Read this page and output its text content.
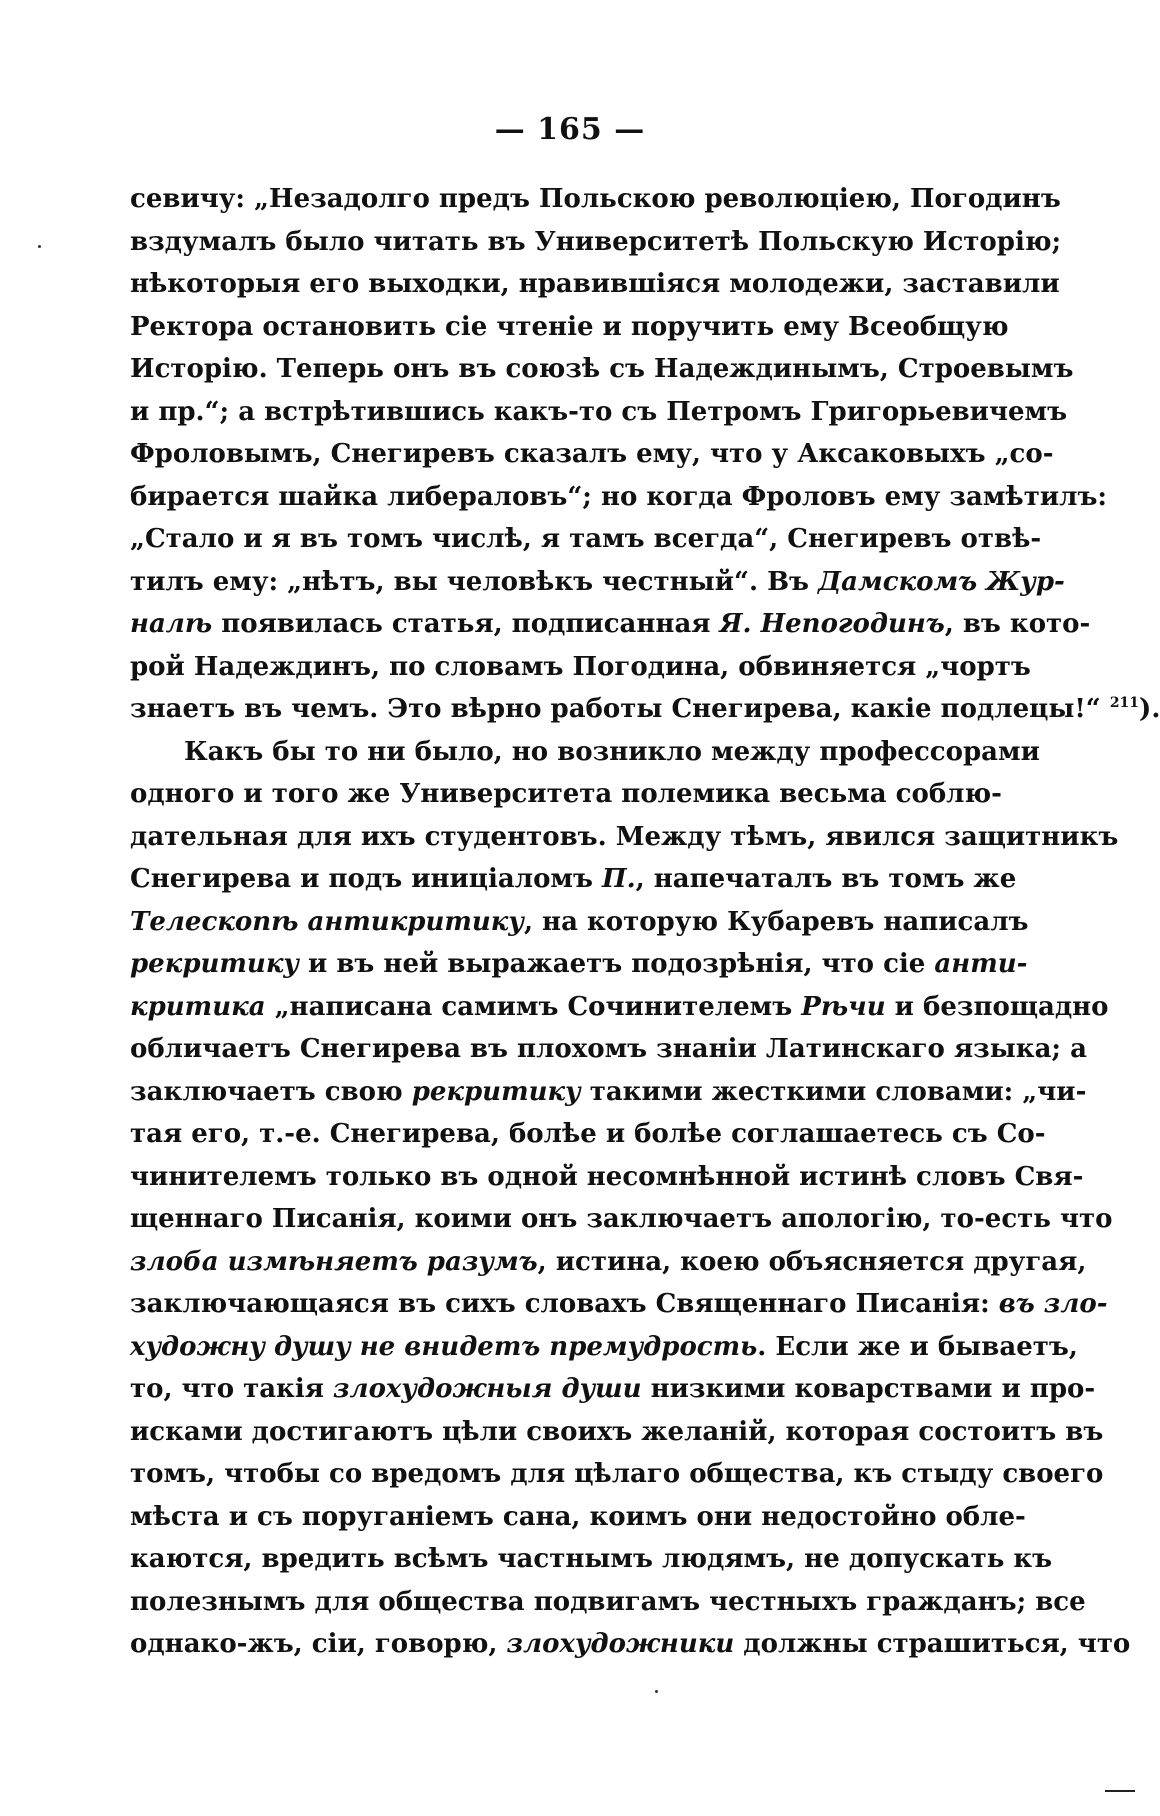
— 165 —
севичу: „Незадолго предъ Польскою революціею, Погодинъ
вздумалъ было читать въ Университетѣ Польскую Исторію;
нѣкоторыя его выходки, нравившіяся молодежи, заставили
Ректора остановить сіе чтеніе и поручить ему Всеобщую
Исторію. Теперь онъ въ союзѣ съ Надеждинымъ, Строевымъ
и пр.“; а встрѣтившись какъ-то съ Петромъ Григорьевичемъ
Фроловымъ, Снегиревъ сказалъ ему, что у Аксаковыхъ „со-
бирается шайка либераловъ“; но когда Фроловъ ему замѣтилъ:
„Стало и я въ томъ числѣ, я тамъ всегда“, Снегиревъ отвѣ-
тилъ ему: „нѣтъ, вы человѣкъ честный“. Въ Дамскомъ Жур-
налѣ появилась статья, подписанная Я. Непогодинъ, въ кото-
рой Надеждинъ, по словамъ Погодина, обвиняется „чортъ
знаетъ въ чемъ. Это вѣрно работы Снегирева, какіе подлецы!“ $^{211}$).
Какъ бы то ни было, но возникло между профессорами
одного и того же Университета полемика весьма соблю-
дательная для ихъ студентовъ. Между тѣмъ, явился защитникъ
Снегирева и подъ иниціаломъ П., напечаталъ въ томъ же
Телескопѣ антикритику, на которую Кубаревъ написалъ
рекритику и въ ней выражаетъ подозрѣнія, что сіе анти-
критика „написана самимъ Сочинителемъ Рѣчи и безпощадно
обличаетъ Снегирева въ плохомъ знаніи Латинскаго языка; а
заключаетъ свою рекритику такими жесткими словами: „чи-
тая его, т.-е. Снегирева, болѣе и болѣе соглашаетесь съ Со-
чинителемъ только въ одной несомнѣнной истинѣ словъ Свя-
щеннаго Писанія, коими онъ заключаетъ апологію, то-есть что
злоба измѣняетъ разумъ, истина, коею объясняется другая,
заключающаяся въ сихъ словахъ Священнаго Писанія: въ зло-
художну душу не внидетъ премудрость. Если же и бываетъ,
то, что такія злохудожныя души низкими коварствами и про-
исками достигаютъ цѣли своихъ желаній, которая состоитъ въ
томъ, чтобы со вредомъ для цѣлаго общества, къ стыду своего
мѣста и съ поруганіемъ сана, коимъ они недостойно обле-
каются, вредить всѣмъ частнымъ людямъ, не допускать къ
полезнымъ для общества подвигамъ честныхъ гражданъ; все
однако-жъ, сіи, говорю, злохудожники должны страшиться, что
